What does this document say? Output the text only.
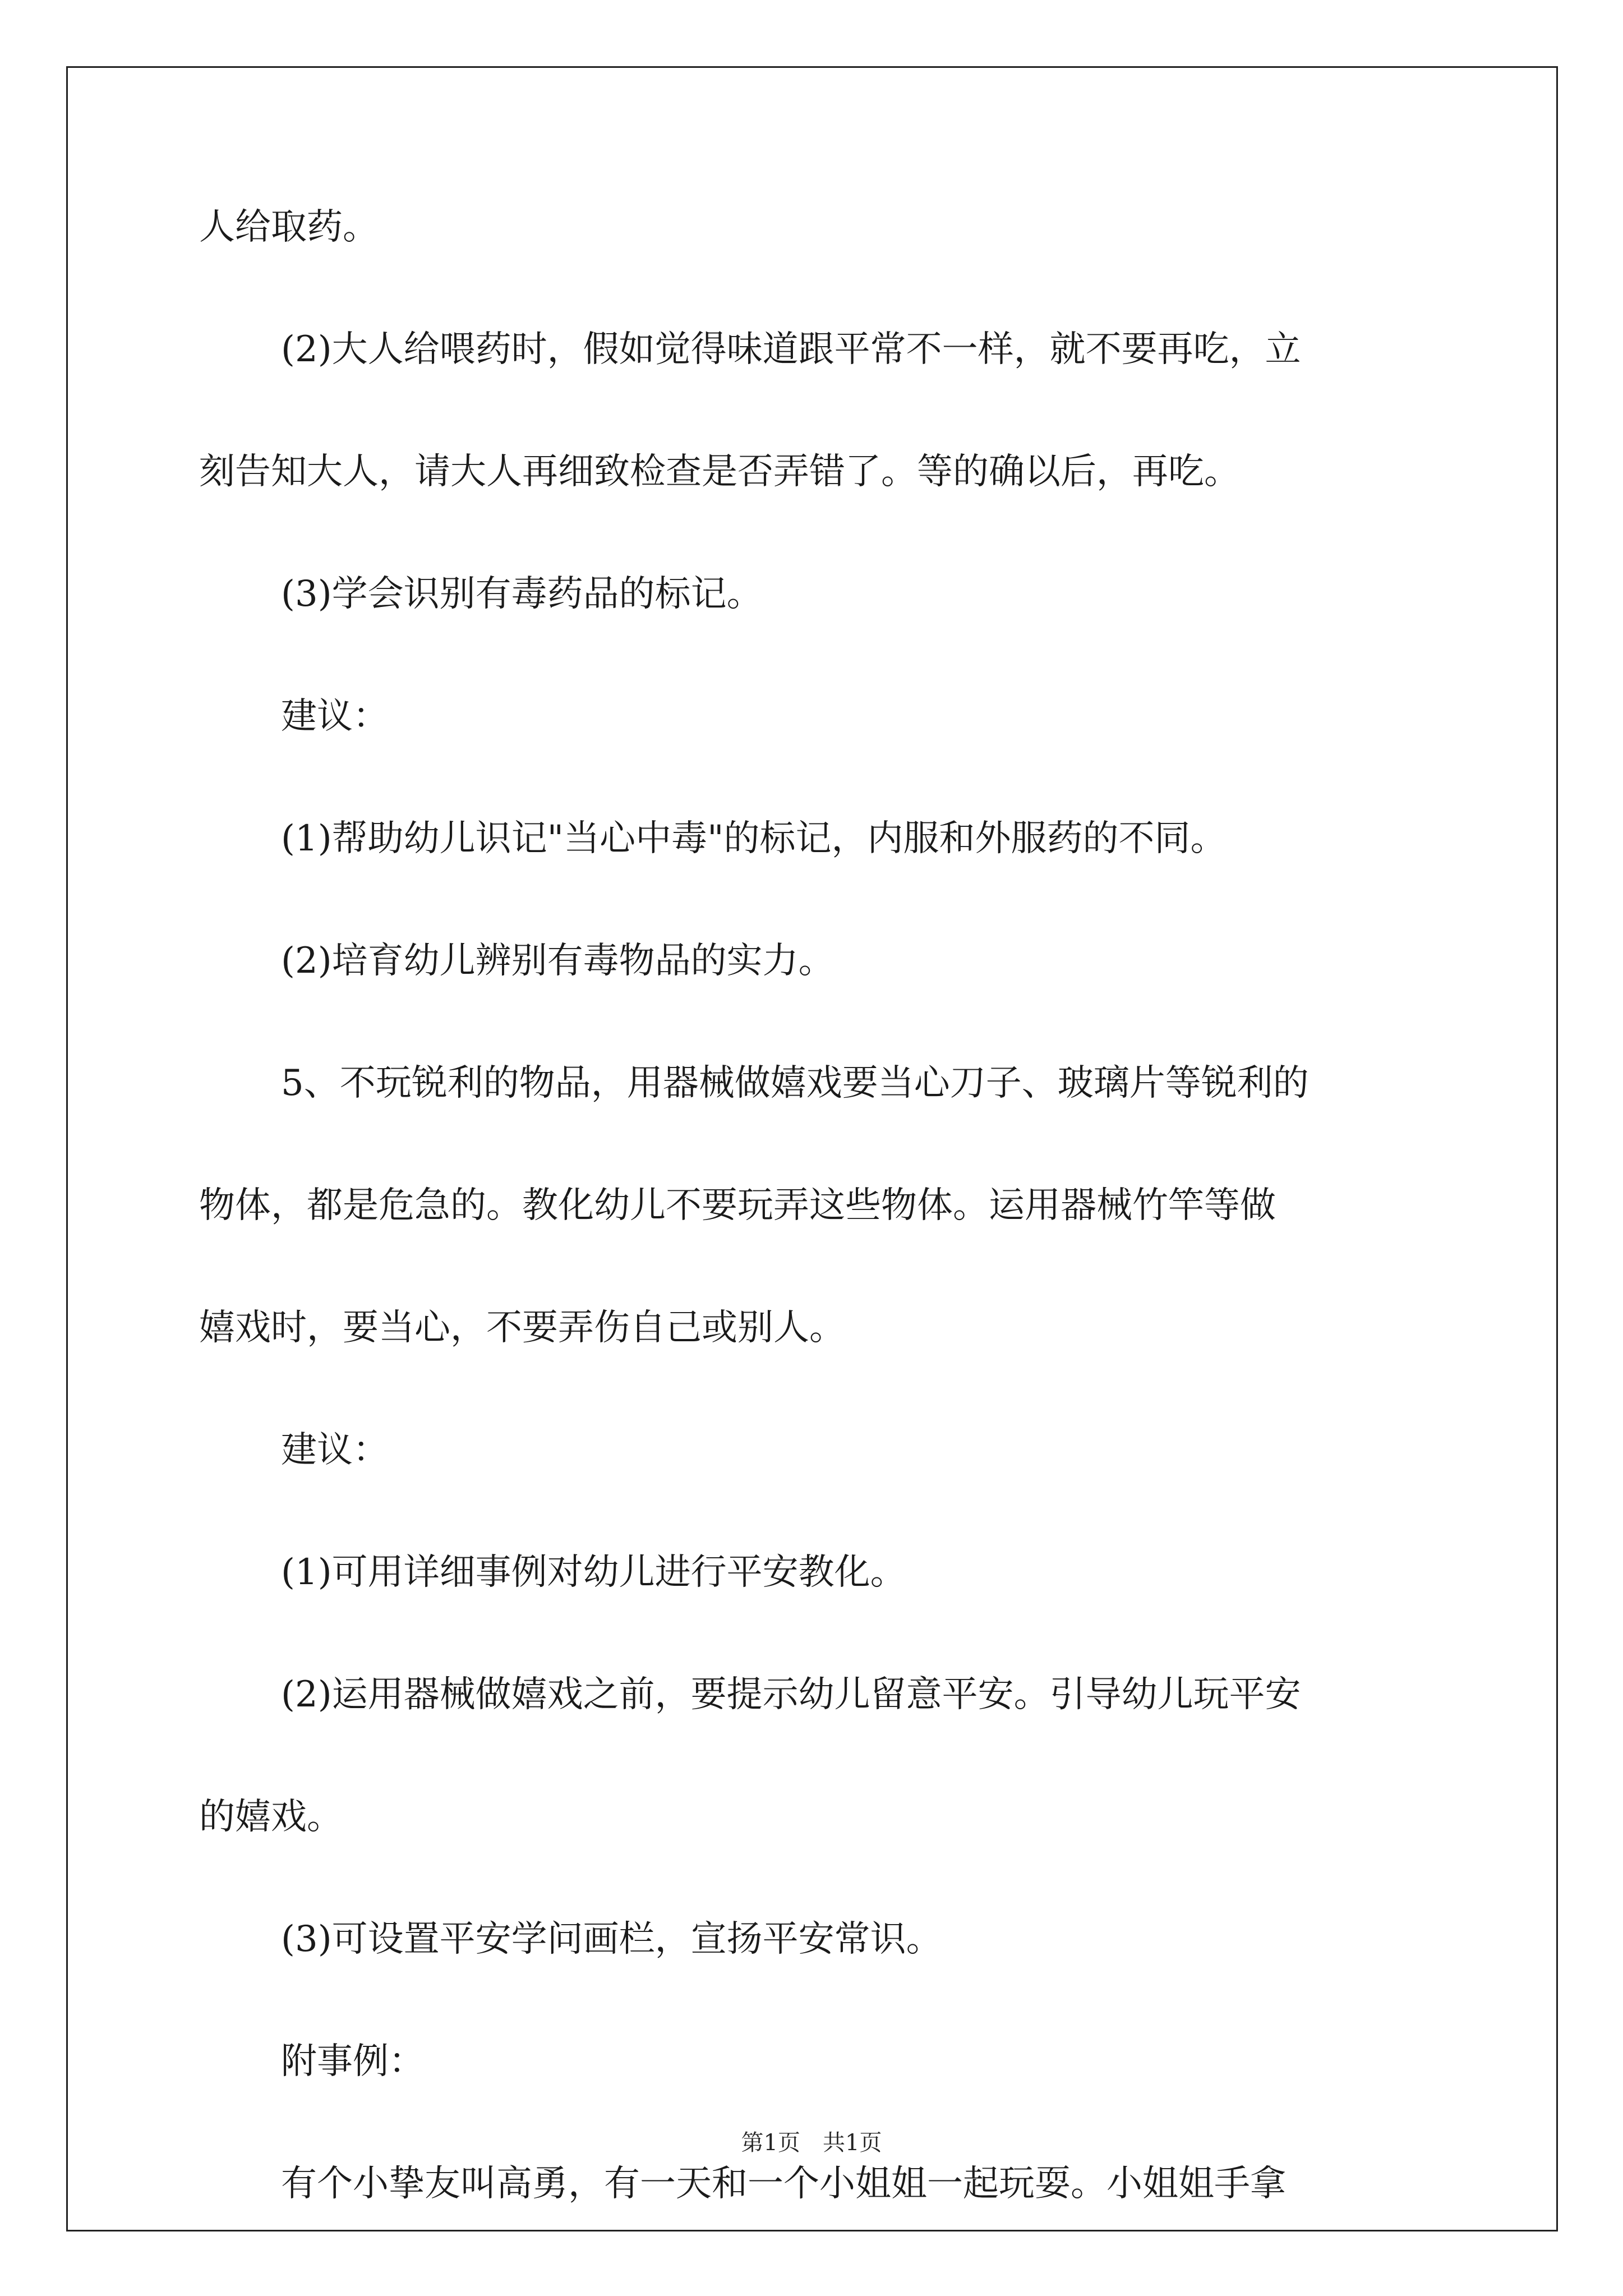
人给取药。
(2)大人给喂药时，假如觉得味道跟平常不一样，就不要再吃，立
刻告知大人，请大人再细致检查是否弄错了。等的确以后，再吃。
(3)学会识别有毒药品的标记。
建议：
(1)帮助幼儿识记"当心中毒"的标记，内服和外服药的不同。
(2)培育幼儿辨别有毒物品的实力。
5、不玩锐利的物品，用器械做嬉戏要当心刀子、玻璃片等锐利的
物体，都是危急的。教化幼儿不要玩弄这些物体。运用器械竹竿等做
嬉戏时，要当心，不要弄伤自己或别人。
建议：
(1)可用详细事例对幼儿进行平安教化。
(2)运用器械做嬉戏之前，要提示幼儿留意平安。引导幼儿玩平安
的嬉戏。
(3)可设置平安学问画栏，宣扬平安常识。
附事例：
有个小挚友叫高勇，有一天和一个小姐姐一起玩耍。小姐姐手拿
第1页　共1页
